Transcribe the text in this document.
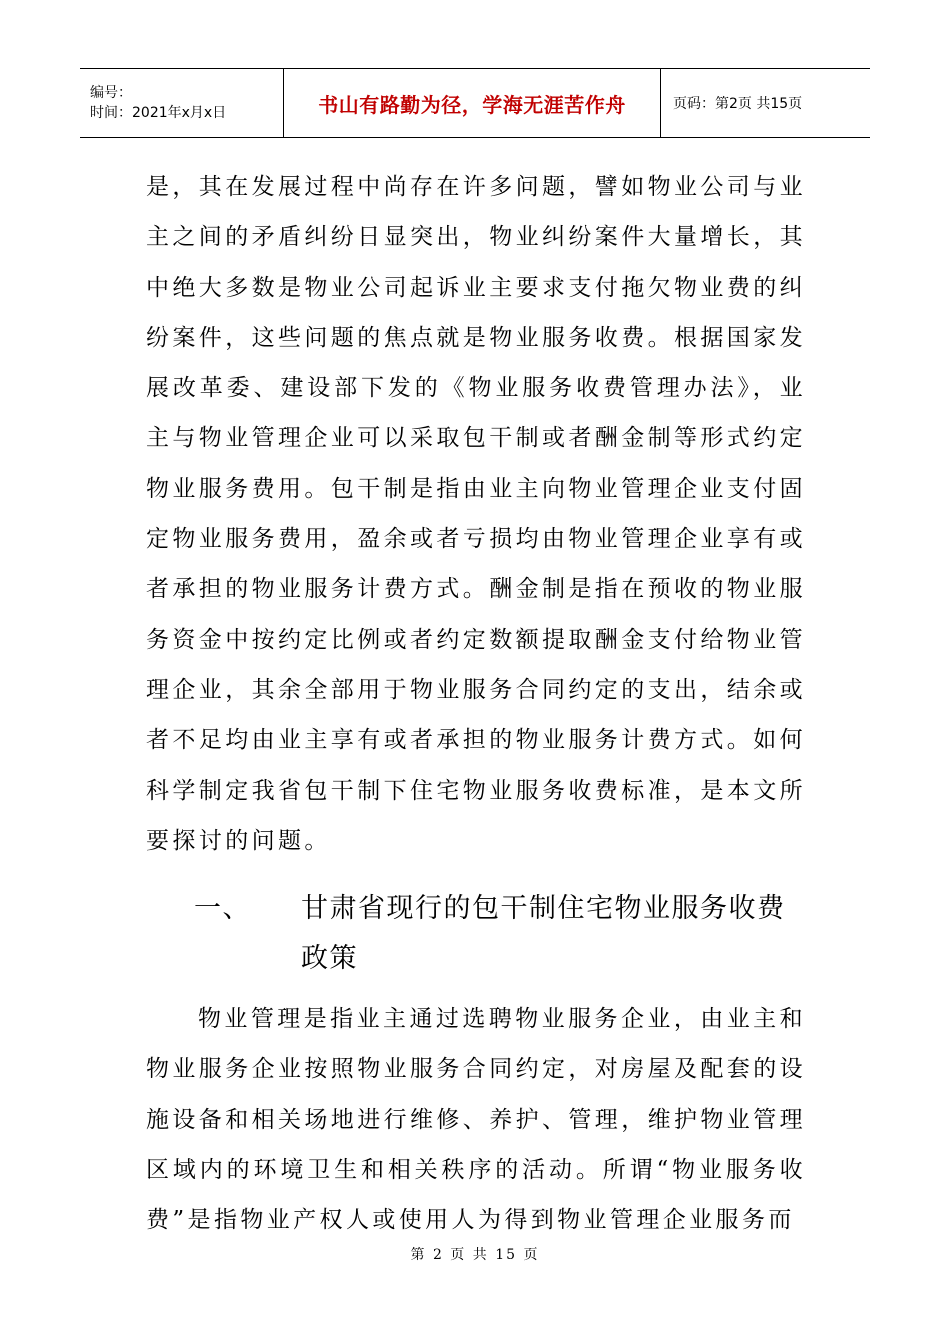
编号：
时间：2021年x月x日	书山有路勤为径，学海无涯苦作舟	页码：第2页 共15页

是，其在发展过程中尚存在许多问题，譬如物业公司与业主之间的矛盾纠纷日显突出，物业纠纷案件大量增长，其中绝大多数是物业公司起诉业主要求支付拖欠物业费的纠纷案件，这些问题的焦点就是物业服务收费。根据国家发展改革委、建设部下发的《物业服务收费管理办法》，业主与物业管理企业可以采取包干制或者酬金制等形式约定物业服务费用。包干制是指由业主向物业管理企业支付固定物业服务费用，盈余或者亏损均由物业管理企业享有或者承担的物业服务计费方式。酬金制是指在预收的物业服务资金中按约定比例或者约定数额提取酬金支付给物业管理企业，其余全部用于物业服务合同约定的支出，结余或者不足均由业主享有或者承担的物业服务计费方式。如何科学制定我省包干制下住宅物业服务收费标准，是本文所要探讨的问题。

一、	甘肃省现行的包干制住宅物业服务收费政策

物业管理是指业主通过选聘物业服务企业，由业主和物业服务企业按照物业服务合同约定，对房屋及配套的设施设备和相关场地进行维修、养护、管理，维护物业管理区域内的环境卫生和相关秩序的活动。所谓“物业服务收费”是指物业产权人或使用人为得到物业管理企业服务而

第 2 页 共 15 页
